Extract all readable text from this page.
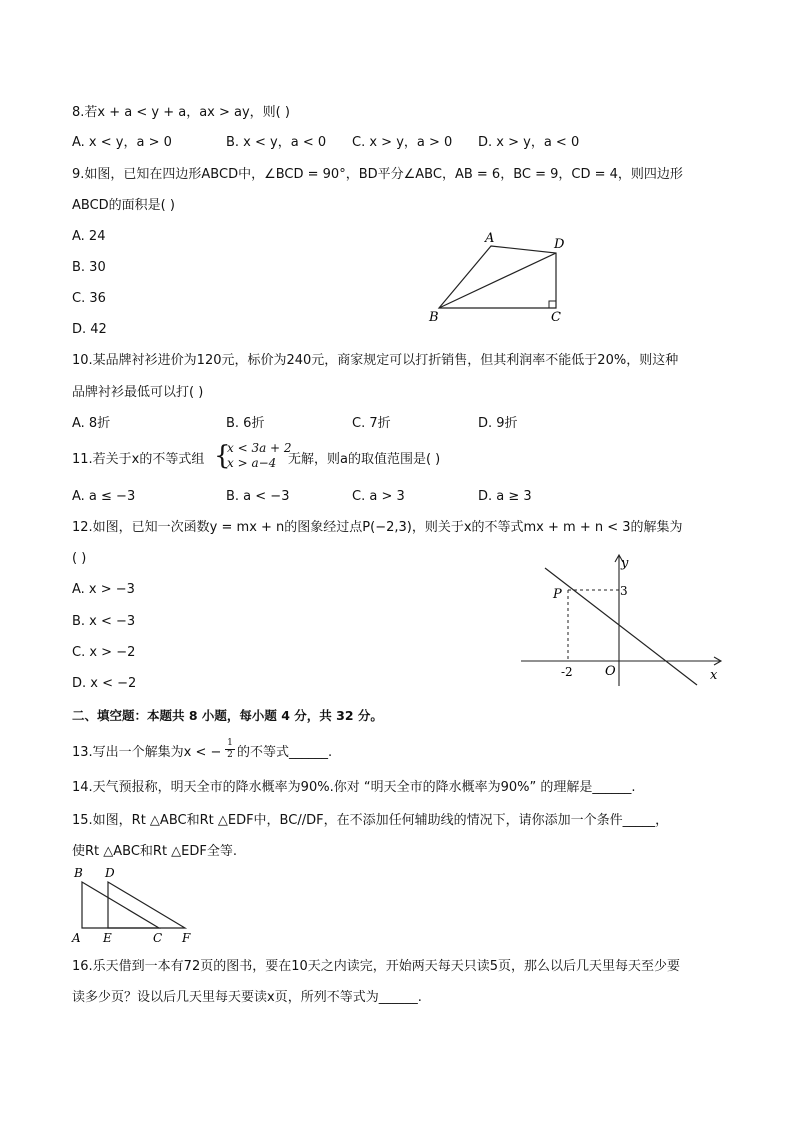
8.若x + a < y + a，ax > ay，则( )
A. x < y，a > 0	B. x < y，a < 0 C. x > y，a > 0 D. x > y，a < 0
9.如图，已知在四边形ABCD中，∠BCD = 90°，BD平分∠ABC，AB = 6，BC = 9，CD = 4，则四边形
ABCD的面积是( )
A. 24
B. 30
C. 36
D. 42
A	D
B	C
10.某品牌衬衫进价为120元，标价为240元，商家规定可以打折销售，但其利润率不能低于20%，则这种
品牌衬衫最低可以打( )
A. 8折	B. 6折	C. 7折	D. 9折
11.若关于x的不等式组 {
x < 3a + 2
x > a−4 无解，则a的取值范围是( )
A. a ≤ −3	B. a < −3	C. a > 3	D. a ≥ 3
12.如图，已知一次函数y = mx + n的图象经过点P(−2,3)，则关于x的不等式mx + m + n < 3的解集为
( )
A. x > −3
B. x < −3
C. x > −2
D. x < −2
y
x
O
P	3
-2
二、填空题：本题共 8 小题，每小题 4 分，共 32 分。
13.写出一个解集为x < − $\frac{1}{2}$ 的不等式______.
14.天气预报称，明天全市的降水概率为90%.你对 “明天全市的降水概率为90%” 的理解是______.
15.如图，Rt △ABC和Rt △EDF中，BC//DF，在不添加任何辅助线的情况下，请你添加一个条件_____，
使Rt △ABC和Rt △EDF全等.
B D
A E	C F
16.乐天借到一本有72页的图书，要在10天之内读完，开始两天每天只读5页，那么以后几天里每天至少要
读多少页？设以后几天里每天要读x页，所列不等式为______.
